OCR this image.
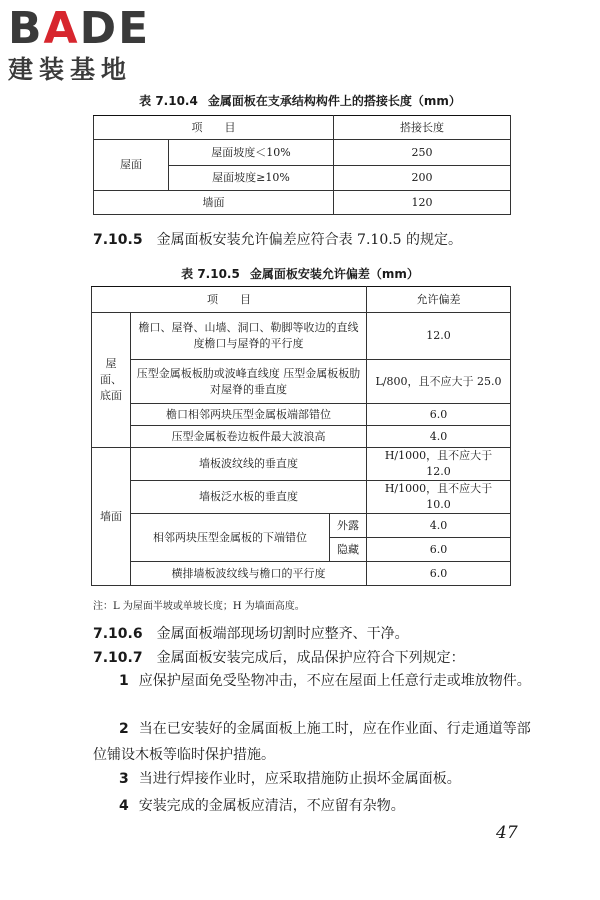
BADE
建装基地
表 7.10.4 金属面板在支承结构构件上的搭接长度（mm）
项　　目		搭接长度
屋面	屋面坡度＜10%	250
	屋面坡度≥10%	200
墙面		120
7.10.5 金属面板安装允许偏差应符合表 7.10.5 的规定。
表 7.10.5 金属面板安装允许偏差（mm）
项　　目			允许偏差
屋面、底面	檐口、屋脊、山墙、洞口、勒脚等收边的直线度檐口与屋脊的平行度		12.0
	压型金属板板肋或波峰直线度 压型金属板板肋对屋脊的垂直度		L/800，且不应大于 25.0
	檐口相邻两块压型金属板端部错位		6.0
	压型金属板卷边板件最大波浪高		4.0
墙面	墙板波纹线的垂直度		H/1000，且不应大于 12.0
	墙板泛水板的垂直度		H/1000，且不应大于 10.0
	相邻两块压型金属板的下端错位	外露	4.0
		隐藏	6.0
	横排墙板波纹线与檐口的平行度		6.0
注：L 为屋面半坡或单坡长度；H 为墙面高度。
7.10.6 金属面板端部现场切割时应整齐、干净。
7.10.7 金属面板安装完成后，成品保护应符合下列规定：
1 应保护屋面免受坠物冲击，不应在屋面上任意行走或堆放物件。
2 当在已安装好的金属面板上施工时，应在作业面、行走通道等部位铺设木板等临时保护措施。
3 当进行焊接作业时，应采取措施防止损坏金属面板。
4 安装完成的金属板应清洁，不应留有杂物。
47
